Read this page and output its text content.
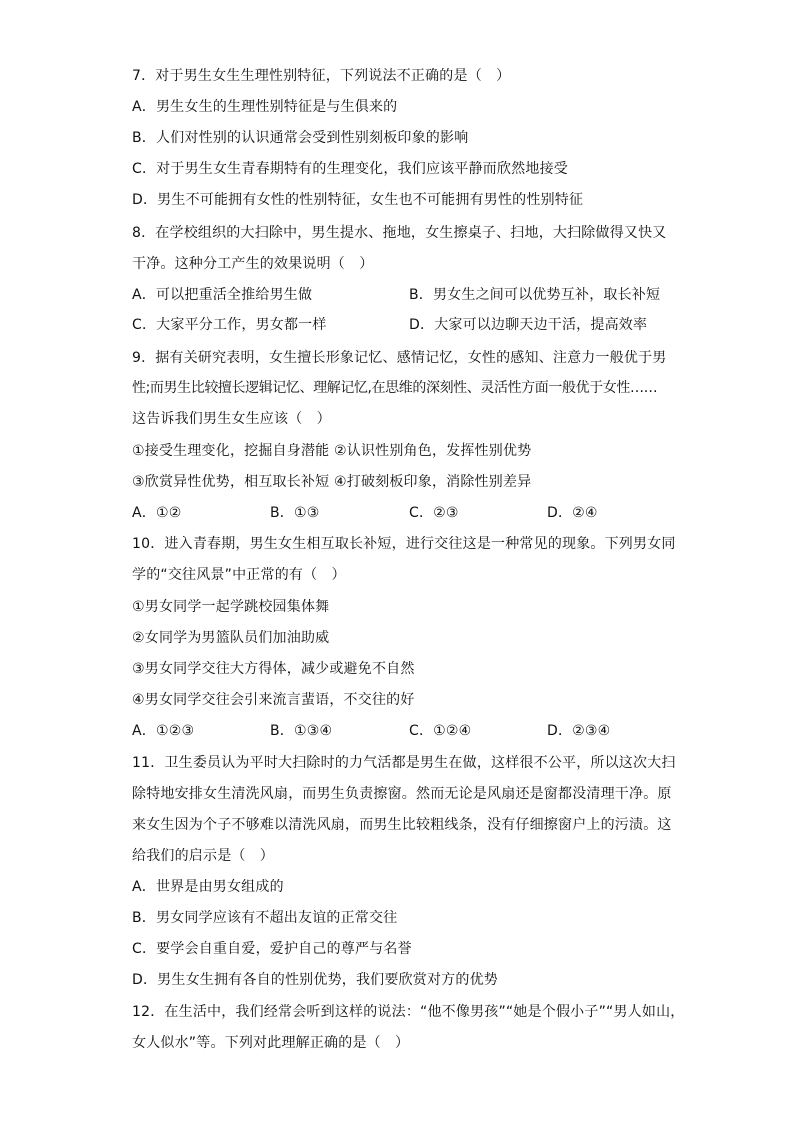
7．对于男生女生生理性别特征，下列说法不正确的是（　）
A．男生女生的生理性别特征是与生俱来的
B．人们对性别的认识通常会受到性别刻板印象的影响
C．对于男生女生青春期特有的生理变化，我们应该平静而欣然地接受
D．男生不可能拥有女性的性别特征，女生也不可能拥有男性的性别特征
8．在学校组织的大扫除中，男生提水、拖地，女生擦桌子、扫地，大扫除做得又快又
干净。这种分工产生的效果说明（　）
A．可以把重活全推给男生做	B．男女生之间可以优势互补，取长补短
C．大家平分工作，男女都一样	D．大家可以边聊天边干活，提高效率
9．据有关研究表明，女生擅长形象记忆、感情记忆，女性的感知、注意力一般优于男
性;而男生比较擅长逻辑记忆、理解记忆,在思维的深刻性、灵活性方面一般优于女性……
这告诉我们男生女生应该（　）
①接受生理变化，挖掘自身潜能 ②认识性别角色，发挥性别优势
③欣赏异性优势，相互取长补短 ④打破刻板印象，消除性别差异
A．①②	B．①③	C．②③	D．②④
10．进入青春期，男生女生相互取长补短，进行交往这是一种常见的现象。下列男女同
学的“交往风景”中正常的有（　）
①男女同学一起学跳校园集体舞
②女同学为男篮队员们加油助威
③男女同学交往大方得体，减少或避免不自然
④男女同学交往会引来流言蜚语，不交往的好
A．①②③	B．①③④	C．①②④	D．②③④
11．卫生委员认为平时大扫除时的力气活都是男生在做，这样很不公平，所以这次大扫
除特地安排女生清洗风扇，而男生负责擦窗。然而无论是风扇还是窗都没清理干净。原
来女生因为个子不够难以清洗风扇，而男生比较粗线条，没有仔细擦窗户上的污渍。这
给我们的启示是（　）
A．世界是由男女组成的
B．男女同学应该有不超出友谊的正常交往
C．要学会自重自爱，爱护自己的尊严与名誉
D．男生女生拥有各自的性别优势，我们要欣赏对方的优势
12．在生活中，我们经常会听到这样的说法：“他不像男孩”“她是个假小子”“男人如山，
女人似水”等。下列对此理解正确的是（　）
